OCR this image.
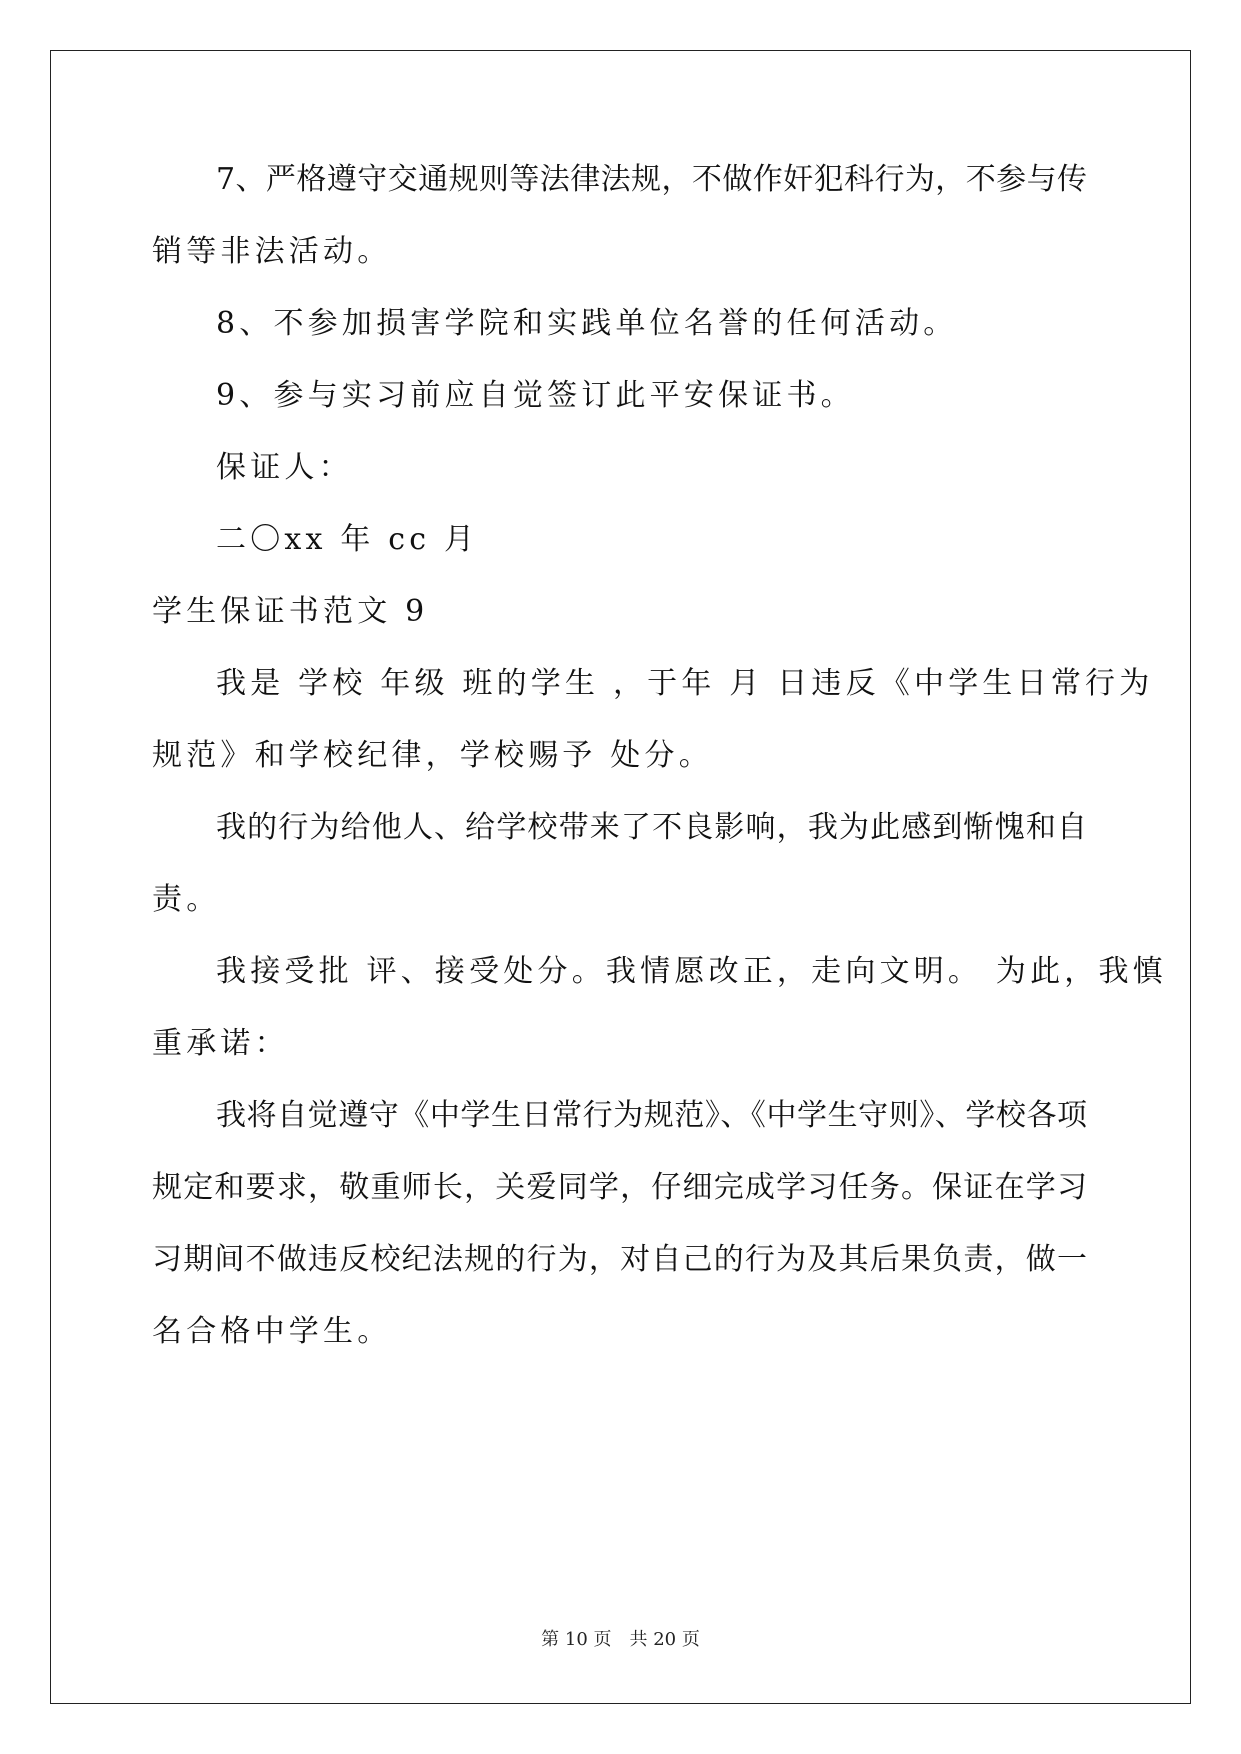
7、严格遵守交通规则等法律法规，不做作奸犯科行为，不参与传
销等非法活动。
8、不参加损害学院和实践单位名誉的任何活动。
9、参与实习前应自觉签订此平安保证书。
保证人：
二〇xx 年 cc 月
学生保证书范文 9
我是 学校 年级 班的学生 ，于年 月 日违反《中学生日常行为
规范》和学校纪律，学校赐予 处分。
我的行为给他人、给学校带来了不良影响，我为此感到惭愧和自
责。
我接受批 评、接受处分。我情愿改正，走向文明。 为此，我慎
重承诺：
我将自觉遵守《中学生日常行为规范》、《中学生守则》、学校各项
规定和要求，敬重师长，关爱同学，仔细完成学习任务。保证在学习
习期间不做违反校纪法规的行为，对自己的行为及其后果负责，做一
名合格中学生。
第 10 页 共 20 页
